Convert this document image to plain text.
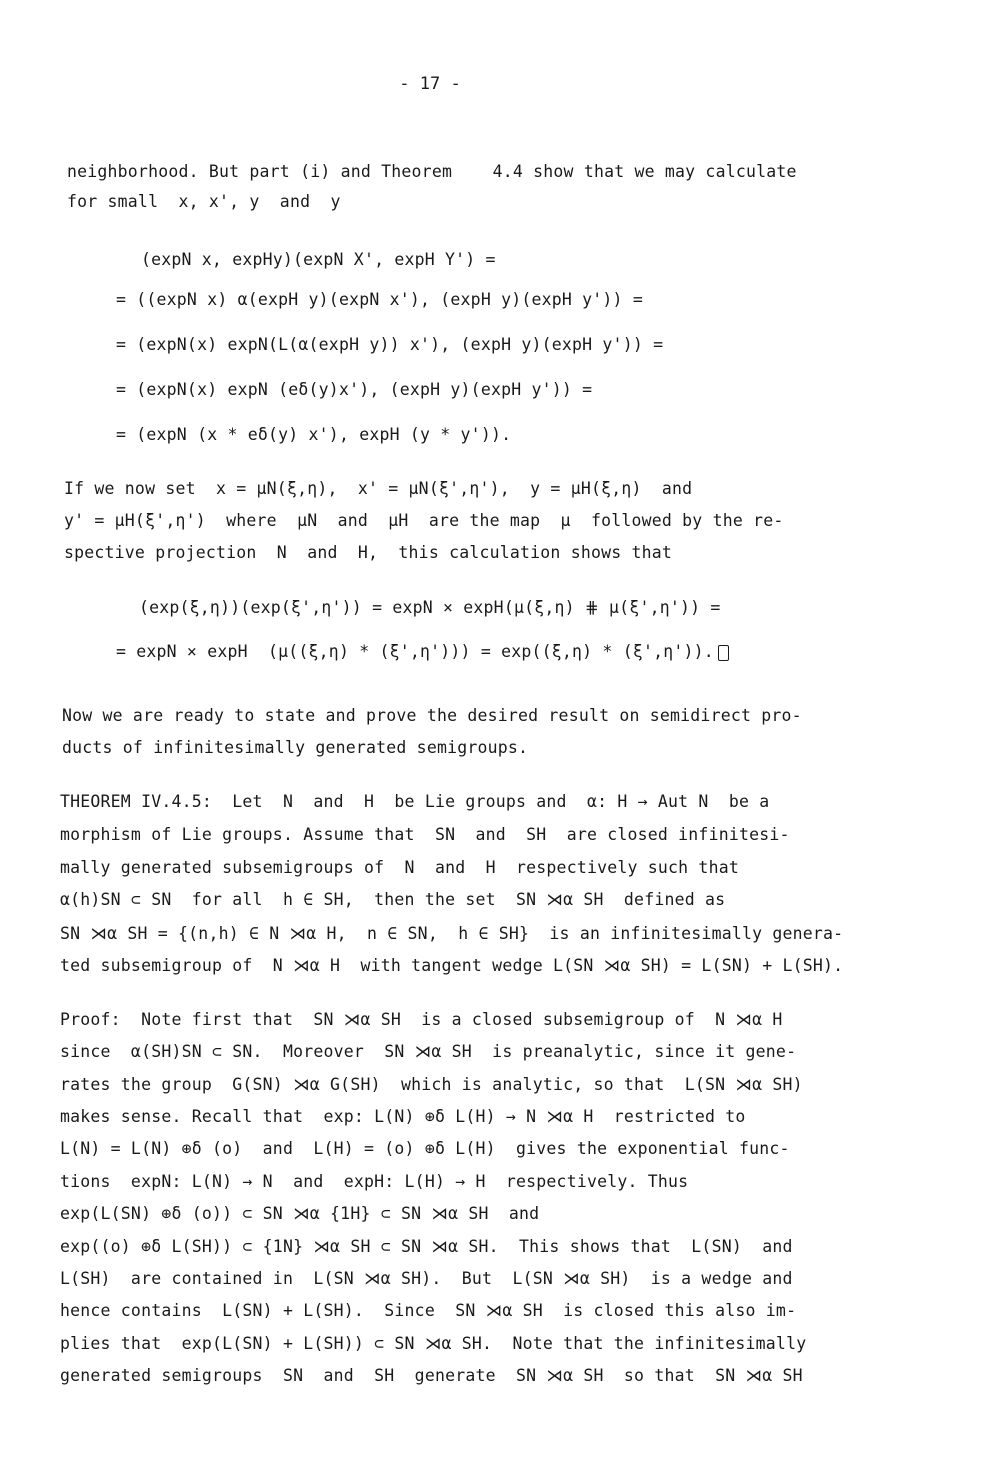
- 17 -
neighborhood. But part (i) and Theorem    4.4 show that we may calculate
for small  x, x', y  and  y
(expN x, expHy)(expN X', expH Y') =
= ((expN x) α(expH y)(expN x'), (expH y)(expH y')) =
= (expN(x) expN(L(α(expH y)) x'), (expH y)(expH y')) =
= (expN(x) expN (eδ(y)x'), (expH y)(expH y')) =
= (expN (x * eδ(y) x'), expH (y * y')).
If we now set  x = μN(ξ,η),  x' = μN(ξ',η'),  y = μH(ξ,η)  and
y' = μH(ξ',η')  where  μN  and  μH  are the map  μ  followed by the re-
spective projection  N  and  H,  this calculation shows that
(exp(ξ,η))(exp(ξ',η')) = expN × expH(μ(ξ,η) ⋕ μ(ξ',η')) =
= expN × expH  (μ((ξ,η) * (ξ',η'))) = exp((ξ,η) * (ξ',η')).
Now we are ready to state and prove the desired result on semidirect pro-
ducts of infinitesimally generated semigroups.
THEOREM IV.4.5:  Let  N  and  H  be Lie groups and  α: H → Aut N  be a
morphism of Lie groups. Assume that  SN  and  SH  are closed infinitesi-
mally generated subsemigroups of  N  and  H  respectively such that
α(h)SN ⊂ SN  for all  h ∈ SH,  then the set  SN ⋊α SH  defined as
SN ⋊α SH = {(n,h) ∈ N ⋊α H,  n ∈ SN,  h ∈ SH}  is an infinitesimally genera-
ted subsemigroup of  N ⋊α H  with tangent wedge L(SN ⋊α SH) = L(SN) + L(SH).
Proof:  Note first that  SN ⋊α SH  is a closed subsemigroup of  N ⋊α H
since  α(SH)SN ⊂ SN.  Moreover  SN ⋊α SH  is preanalytic, since it gene-
rates the group  G(SN) ⋊α G(SH)  which is analytic, so that  L(SN ⋊α SH)
makes sense. Recall that  exp: L(N) ⊕δ L(H) → N ⋊α H  restricted to
L(N) = L(N) ⊕δ (o)  and  L(H) = (o) ⊕δ L(H)  gives the exponential func-
tions  expN: L(N) → N  and  expH: L(H) → H  respectively. Thus
exp(L(SN) ⊕δ (o)) ⊂ SN ⋊α {1H} ⊂ SN ⋊α SH  and
exp((o) ⊕δ L(SH)) ⊂ {1N} ⋊α SH ⊂ SN ⋊α SH.  This shows that  L(SN)  and
L(SH)  are contained in  L(SN ⋊α SH).  But  L(SN ⋊α SH)  is a wedge and
hence contains  L(SN) + L(SH).  Since  SN ⋊α SH  is closed this also im-
plies that  exp(L(SN) + L(SH)) ⊂ SN ⋊α SH.  Note that the infinitesimally
generated semigroups  SN  and  SH  generate  SN ⋊α SH  so that  SN ⋊α SH
